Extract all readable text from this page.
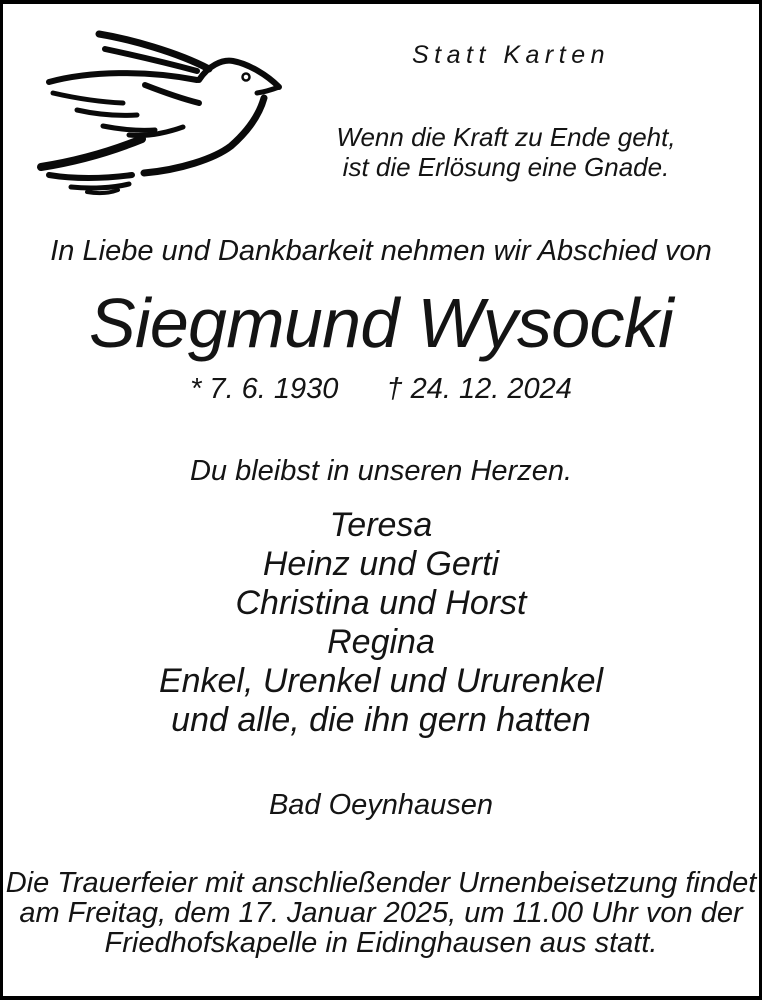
Statt Karten
Wenn die Kraft zu Ende geht,
ist die Erlösung eine Gnade.
In Liebe und Dankbarkeit nehmen wir Abschied von
Siegmund Wysocki
* 7. 6. 1930 † 24. 12. 2024
Du bleibst in unseren Herzen.
Teresa
Heinz und Gerti
Christina und Horst
Regina
Enkel, Urenkel und Ururenkel
und alle, die ihn gern hatten
Bad Oeynhausen
Die Trauerfeier mit anschließender Urnenbeisetzung findet
am Freitag, dem 17. Januar 2025, um 11.00 Uhr von der
Friedhofskapelle in Eidinghausen aus statt.
